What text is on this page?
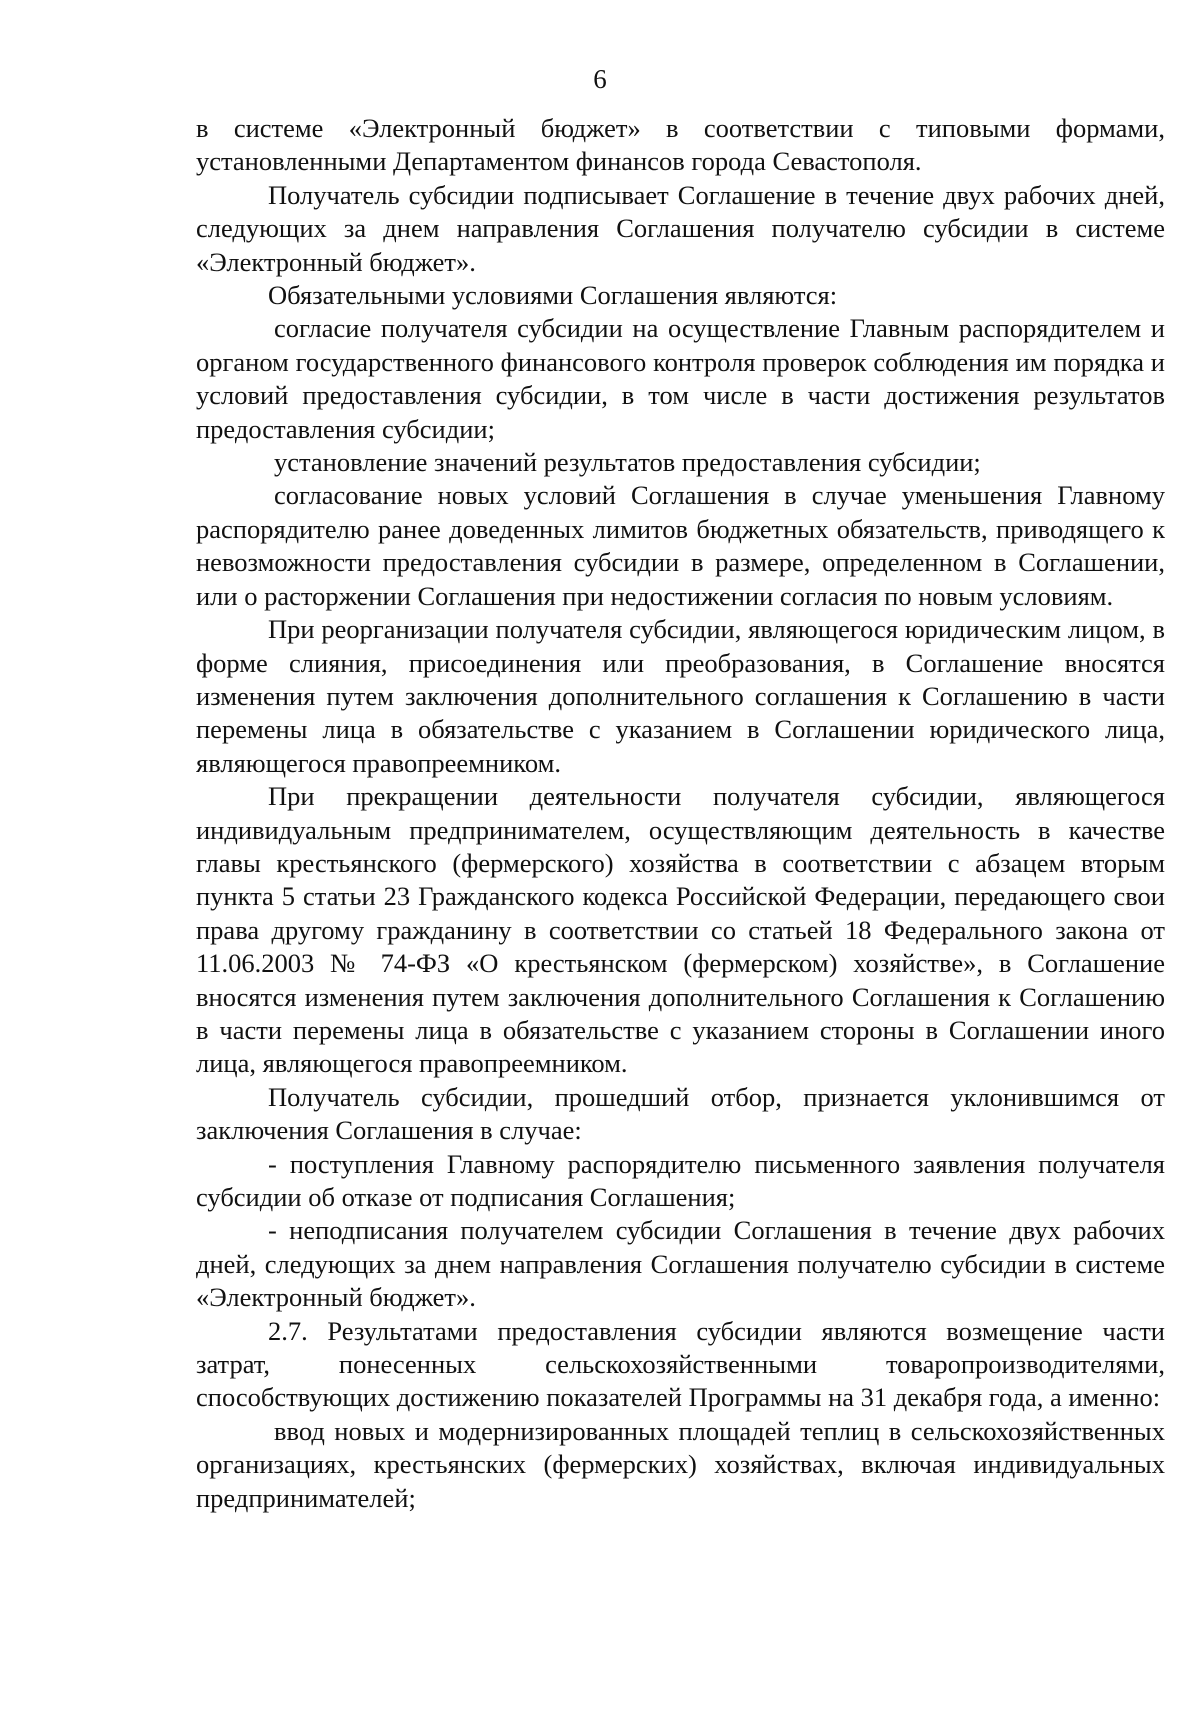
6

в системе «Электронный бюджет» в соответствии с типовыми формами, установленными Департаментом финансов города Севастополя.

Получатель субсидии подписывает Соглашение в течение двух рабочих дней, следующих за днем направления Соглашения получателю субсидии в системе «Электронный бюджет».

Обязательными условиями Соглашения являются:

согласие получателя субсидии на осуществление Главным распорядителем и органом государственного финансового контроля проверок соблюдения им порядка и условий предоставления субсидии, в том числе в части достижения результатов предоставления субсидии;

установление значений результатов предоставления субсидии;

согласование новых условий Соглашения в случае уменьшения Главному распорядителю ранее доведенных лимитов бюджетных обязательств, приводящего к невозможности предоставления субсидии в размере, определенном в Соглашении, или о расторжении Соглашения при недостижении согласия по новым условиям.

При реорганизации получателя субсидии, являющегося юридическим лицом, в форме слияния, присоединения или преобразования, в Соглашение вносятся изменения путем заключения дополнительного соглашения к Соглашению в части перемены лица в обязательстве с указанием в Соглашении юридического лица, являющегося правопреемником.

При прекращении деятельности получателя субсидии, являющегося индивидуальным предпринимателем, осуществляющим деятельность в качестве главы крестьянского (фермерского) хозяйства в соответствии с абзацем вторым пункта 5 статьи 23 Гражданского кодекса Российской Федерации, передающего свои права другому гражданину в соответствии со статьей 18 Федерального закона от 11.06.2003 № 74-ФЗ «О крестьянском (фермерском) хозяйстве», в Соглашение вносятся изменения путем заключения дополнительного Соглашения к Соглашению в части перемены лица в обязательстве с указанием стороны в Соглашении иного лица, являющегося правопреемником.

Получатель субсидии, прошедший отбор, признается уклонившимся от заключения Соглашения в случае:

- поступления Главному распорядителю письменного заявления получателя субсидии об отказе от подписания Соглашения;

- неподписания получателем субсидии Соглашения в течение двух рабочих дней, следующих за днем направления Соглашения получателю субсидии в системе «Электронный бюджет».

2.7. Результатами предоставления субсидии являются возмещение части затрат, понесенных сельскохозяйственными товаропроизводителями, способствующих достижению показателей Программы на 31 декабря года, а именно:

ввод новых и модернизированных площадей теплиц в сельскохозяйственных организациях, крестьянских (фермерских) хозяйствах, включая индивидуальных предпринимателей;
